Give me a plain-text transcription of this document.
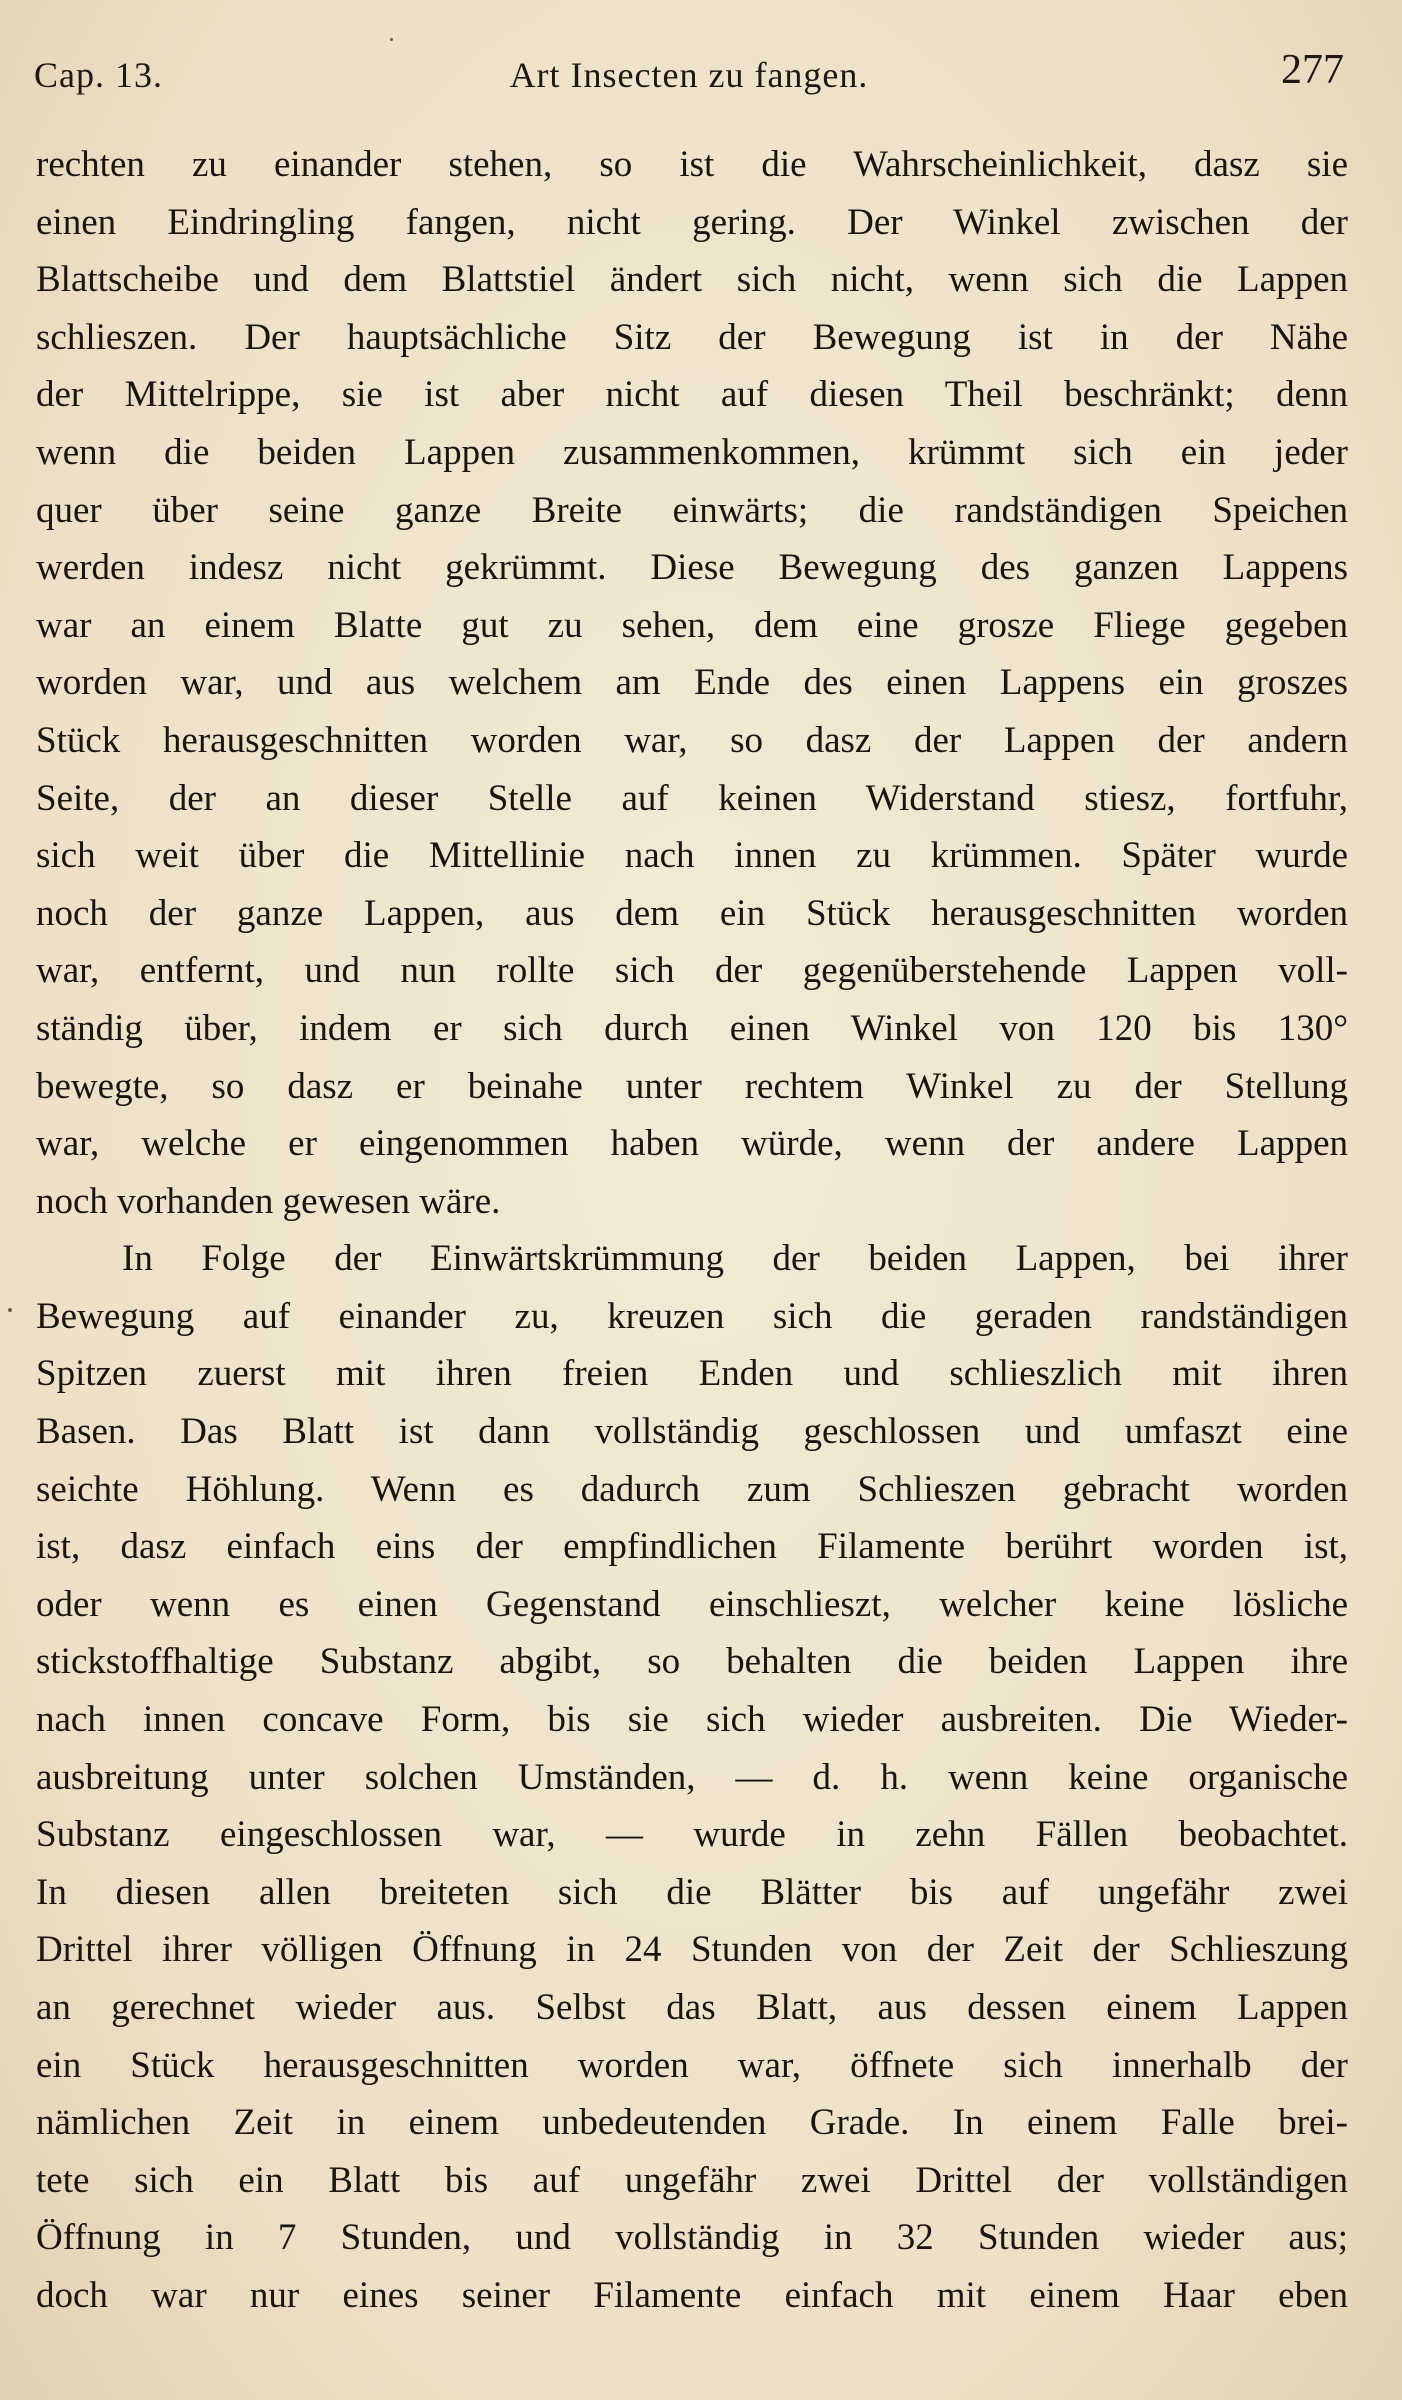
Cap. 13.	Art Insecten zu fangen.	277
rechten zu einander stehen, so ist die Wahrscheinlichkeit, dasz sie
einen Eindringling fangen, nicht gering. Der Winkel zwischen der
Blattscheibe und dem Blattstiel ändert sich nicht, wenn sich die Lappen
schlieszen. Der hauptsächliche Sitz der Bewegung ist in der Nähe
der Mittelrippe, sie ist aber nicht auf diesen Theil beschränkt; denn
wenn die beiden Lappen zusammenkommen, krümmt sich ein jeder
quer über seine ganze Breite einwärts; die randständigen Speichen
werden indesz nicht gekrümmt. Diese Bewegung des ganzen Lappens
war an einem Blatte gut zu sehen, dem eine grosze Fliege gegeben
worden war, und aus welchem am Ende des einen Lappens ein groszes
Stück herausgeschnitten worden war, so dasz der Lappen der andern
Seite, der an dieser Stelle auf keinen Widerstand stiesz, fortfuhr,
sich weit über die Mittellinie nach innen zu krümmen. Später wurde
noch der ganze Lappen, aus dem ein Stück herausgeschnitten worden
war, entfernt, und nun rollte sich der gegenüberstehende Lappen voll-
ständig über, indem er sich durch einen Winkel von 120 bis 130°
bewegte, so dasz er beinahe unter rechtem Winkel zu der Stellung
war, welche er eingenommen haben würde, wenn der andere Lappen
noch vorhanden gewesen wäre.
In Folge der Einwärtskrümmung der beiden Lappen, bei ihrer
Bewegung auf einander zu, kreuzen sich die geraden randständigen
Spitzen zuerst mit ihren freien Enden und schlieszlich mit ihren
Basen. Das Blatt ist dann vollständig geschlossen und umfaszt eine
seichte Höhlung. Wenn es dadurch zum Schlieszen gebracht worden
ist, dasz einfach eins der empfindlichen Filamente berührt worden ist,
oder wenn es einen Gegenstand einschlieszt, welcher keine lösliche
stickstoffhaltige Substanz abgibt, so behalten die beiden Lappen ihre
nach innen concave Form, bis sie sich wieder ausbreiten. Die Wieder-
ausbreitung unter solchen Umständen, — d. h. wenn keine organische
Substanz eingeschlossen war, — wurde in zehn Fällen beobachtet.
In diesen allen breiteten sich die Blätter bis auf ungefähr zwei
Drittel ihrer völligen Öffnung in 24 Stunden von der Zeit der Schlieszung
an gerechnet wieder aus. Selbst das Blatt, aus dessen einem Lappen
ein Stück herausgeschnitten worden war, öffnete sich innerhalb der
nämlichen Zeit in einem unbedeutenden Grade. In einem Falle brei-
tete sich ein Blatt bis auf ungefähr zwei Drittel der vollständigen
Öffnung in 7 Stunden, und vollständig in 32 Stunden wieder aus;
doch war nur eines seiner Filamente einfach mit einem Haar eben
